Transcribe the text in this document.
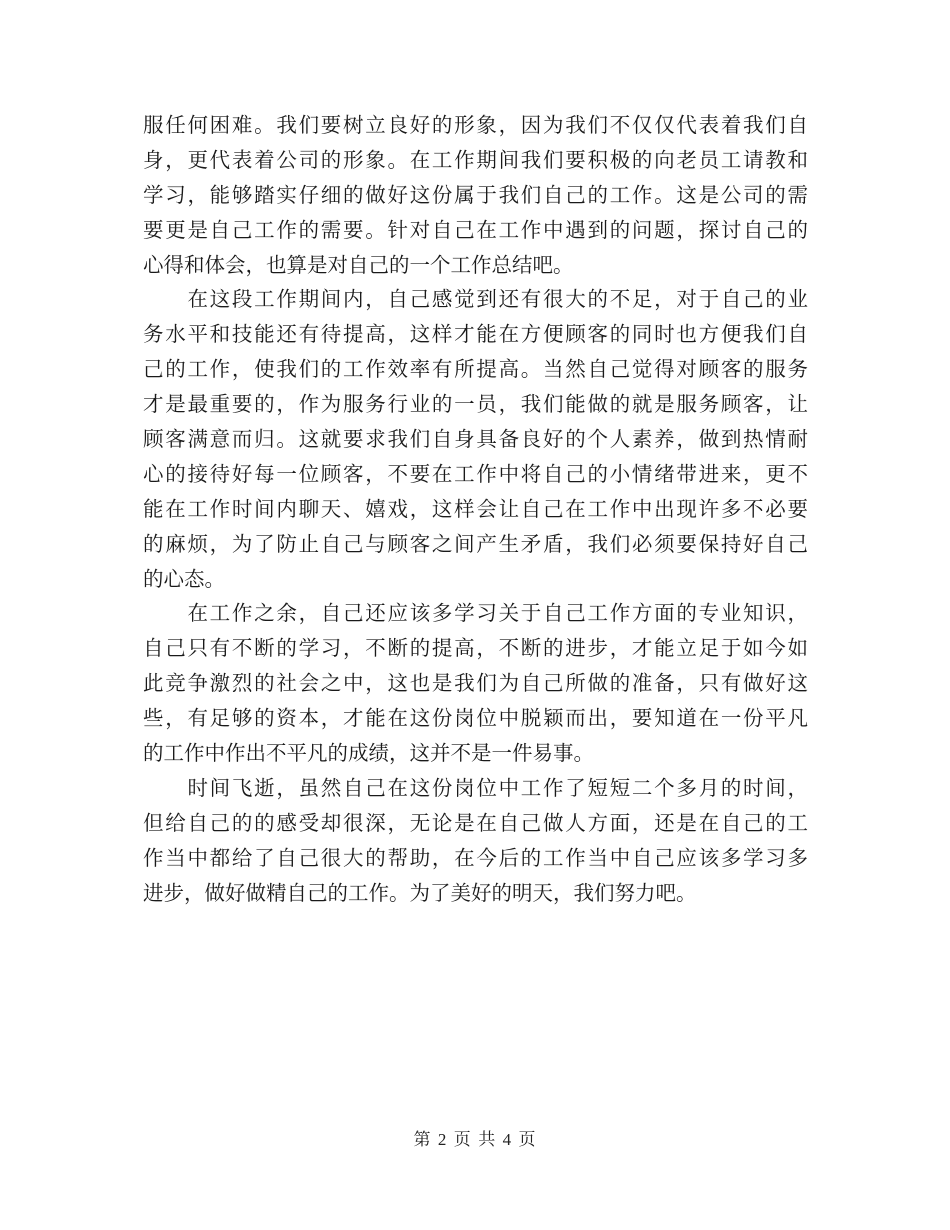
服任何困难。我们要树立良好的形象，因为我们不仅仅代表着我们自
身，更代表着公司的形象。在工作期间我们要积极的向老员工请教和
学习，能够踏实仔细的做好这份属于我们自己的工作。这是公司的需
要更是自己工作的需要。针对自己在工作中遇到的问题，探讨自己的
心得和体会，也算是对自己的一个工作总结吧。
　　在这段工作期间内，自己感觉到还有很大的不足，对于自己的业
务水平和技能还有待提高，这样才能在方便顾客的同时也方便我们自
己的工作，使我们的工作效率有所提高。当然自己觉得对顾客的服务
才是最重要的，作为服务行业的一员，我们能做的就是服务顾客，让
顾客满意而归。这就要求我们自身具备良好的个人素养，做到热情耐
心的接待好每一位顾客，不要在工作中将自己的小情绪带进来，更不
能在工作时间内聊天、嬉戏，这样会让自己在工作中出现许多不必要
的麻烦，为了防止自己与顾客之间产生矛盾，我们必须要保持好自己
的心态。
　　在工作之余，自己还应该多学习关于自己工作方面的专业知识，
自己只有不断的学习，不断的提高，不断的进步，才能立足于如今如
此竞争激烈的社会之中，这也是我们为自己所做的准备，只有做好这
些，有足够的资本，才能在这份岗位中脱颖而出，要知道在一份平凡
的工作中作出不平凡的成绩，这并不是一件易事。
　　时间飞逝，虽然自己在这份岗位中工作了短短二个多月的时间，
但给自己的的感受却很深，无论是在自己做人方面，还是在自己的工
作当中都给了自己很大的帮助，在今后的工作当中自己应该多学习多
进步，做好做精自己的工作。为了美好的明天，我们努力吧。
第 2 页 共 4 页
